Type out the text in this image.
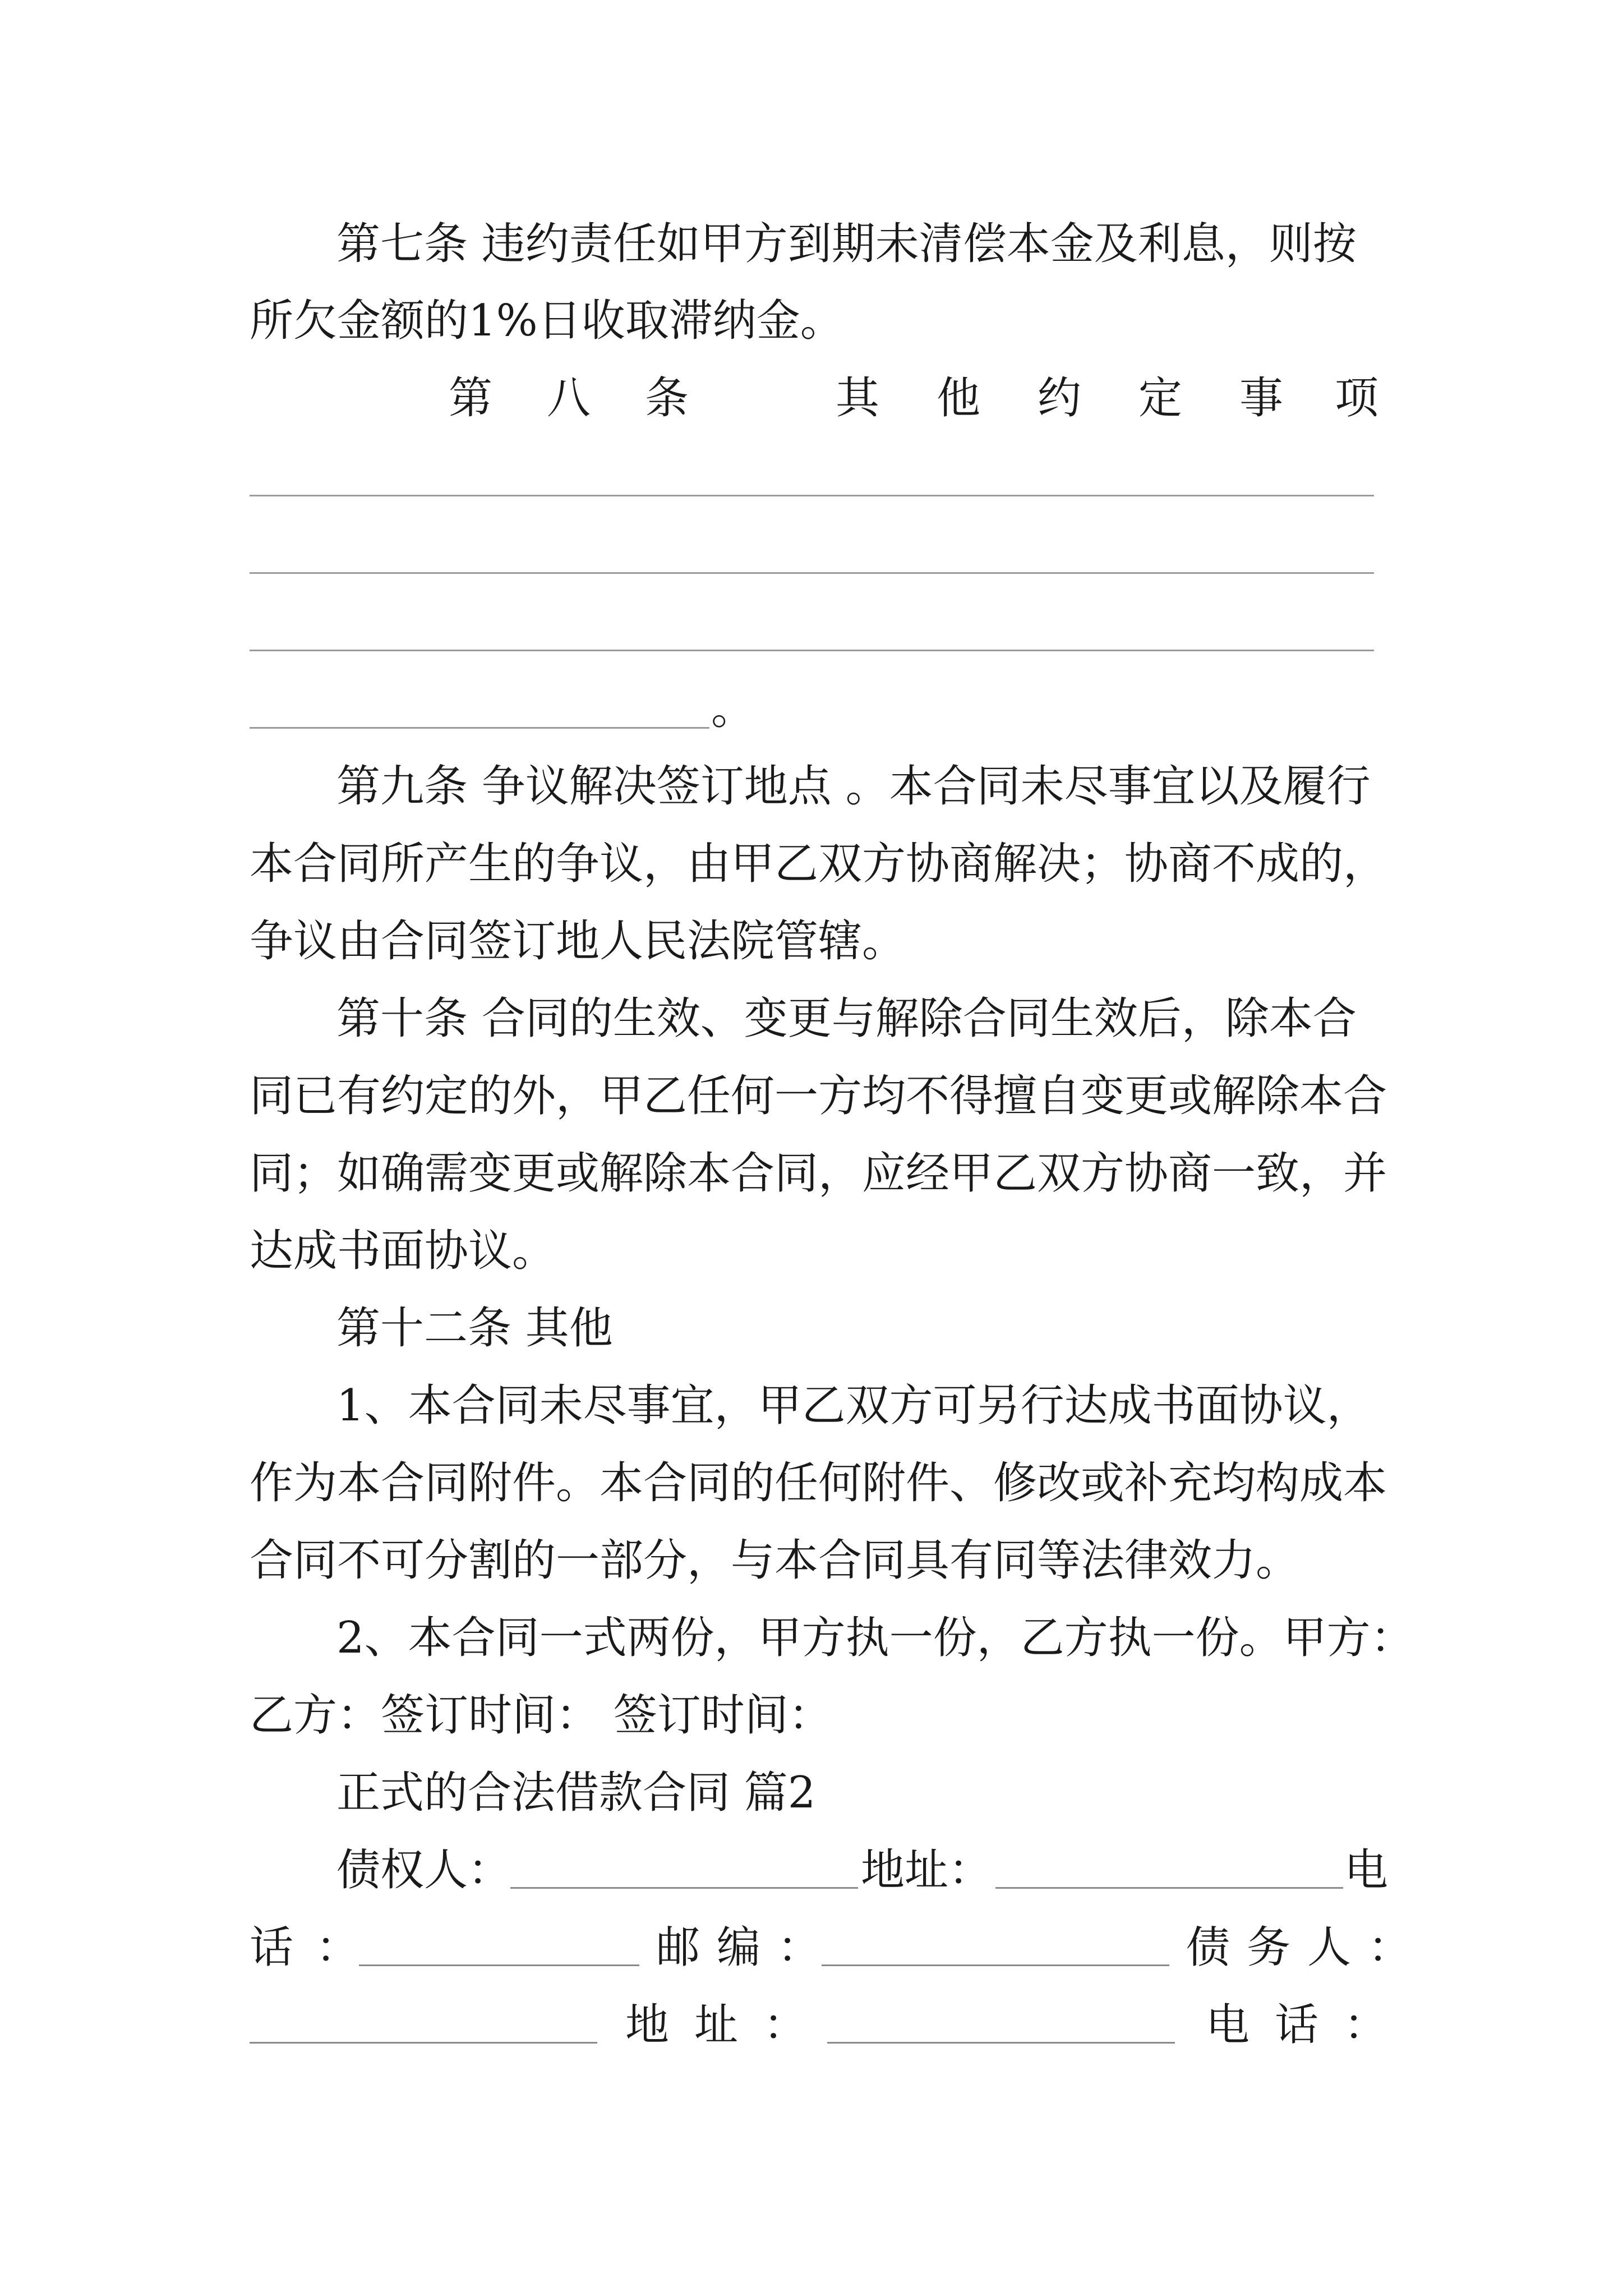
第七条 违约责任如甲方到期未清偿本金及利息，则按
所欠金额的1%日收取滞纳金。
第 八 条	其 他 约 定 事 项
。
第九条 争议解决签订地点 。本合同未尽事宜以及履行
本合同所产生的争议，由甲乙双方协商解决；协商不成的，
争议由合同签订地人民法院管辖。
第十条 合同的生效、变更与解除合同生效后，除本合
同已有约定的外，甲乙任何一方均不得擅自变更或解除本合
同；如确需变更或解除本合同，应经甲乙双方协商一致，并
达成书面协议。
第十二条 其他
1、本合同未尽事宜，甲乙双方可另行达成书面协议，
作为本合同附件。本合同的任何附件、修改或补充均构成本
合同不可分割的一部分，与本合同具有同等法律效力。
2、本合同一式两份，甲方执一份，乙方执一份。甲方：
乙方：签订时间： 签订时间：
正式的合法借款合同 篇2
债权人：	地址：	电
话：	邮编：	债务人：
地址：	电话：
